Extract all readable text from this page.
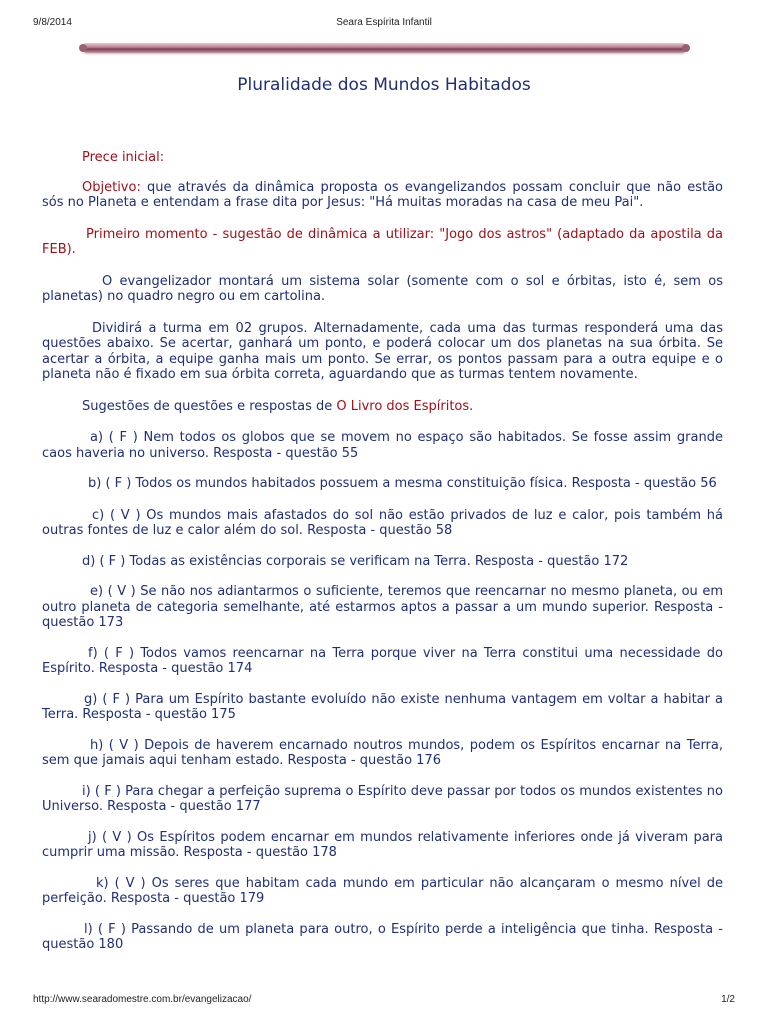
9/8/2014	Seara Espírita Infantil
Pluralidade dos Mundos Habitados

Prece inicial:

Objetivo: que através da dinâmica proposta os evangelizandos possam concluir que não estão sós no Planeta e entendam a frase dita por Jesus: "Há muitas moradas na casa de meu Pai".

Primeiro momento - sugestão de dinâmica a utilizar: "Jogo dos astros" (adaptado da apostila da FEB).

O evangelizador montará um sistema solar (somente com o sol e órbitas, isto é, sem os planetas) no quadro negro ou em cartolina.

Dividirá a turma em 02 grupos. Alternadamente, cada uma das turmas responderá uma das questões abaixo. Se acertar, ganhará um ponto, e poderá colocar um dos planetas na sua órbita. Se acertar a órbita, a equipe ganha mais um ponto. Se errar, os pontos passam para a outra equipe e o planeta não é fixado em sua órbita correta, aguardando que as turmas tentem novamente.

Sugestões de questões e respostas de O Livro dos Espíritos.

a) ( F ) Nem todos os globos que se movem no espaço são habitados. Se fosse assim grande caos haveria no universo. Resposta - questão 55

b) ( F ) Todos os mundos habitados possuem a mesma constituição física. Resposta - questão 56

c) ( V ) Os mundos mais afastados do sol não estão privados de luz e calor, pois também há outras fontes de luz e calor além do sol. Resposta - questão 58

d) ( F ) Todas as existências corporais se verificam na Terra. Resposta - questão 172

e) ( V ) Se não nos adiantarmos o suficiente, teremos que reencarnar no mesmo planeta, ou em outro planeta de categoria semelhante, até estarmos aptos a passar a um mundo superior. Resposta - questão 173

f) ( F ) Todos vamos reencarnar na Terra porque viver na Terra constitui uma necessidade do Espírito. Resposta - questão 174

g) ( F ) Para um Espírito bastante evoluído não existe nenhuma vantagem em voltar a habitar a Terra. Resposta - questão 175

h) ( V ) Depois de haverem encarnado noutros mundos, podem os Espíritos encarnar na Terra, sem que jamais aqui tenham estado. Resposta - questão 176

i) ( F ) Para chegar a perfeição suprema o Espírito deve passar por todos os mundos existentes no Universo. Resposta - questão 177

j) ( V ) Os Espíritos podem encarnar em mundos relativamente inferiores onde já viveram para cumprir uma missão. Resposta - questão 178

k) ( V ) Os seres que habitam cada mundo em particular não alcançaram o mesmo nível de perfeição. Resposta - questão 179

l) ( F ) Passando de um planeta para outro, o Espírito perde a inteligência que tinha. Resposta - questão 180

http://www.searadomestre.com.br/evangelizacao/	1/2
